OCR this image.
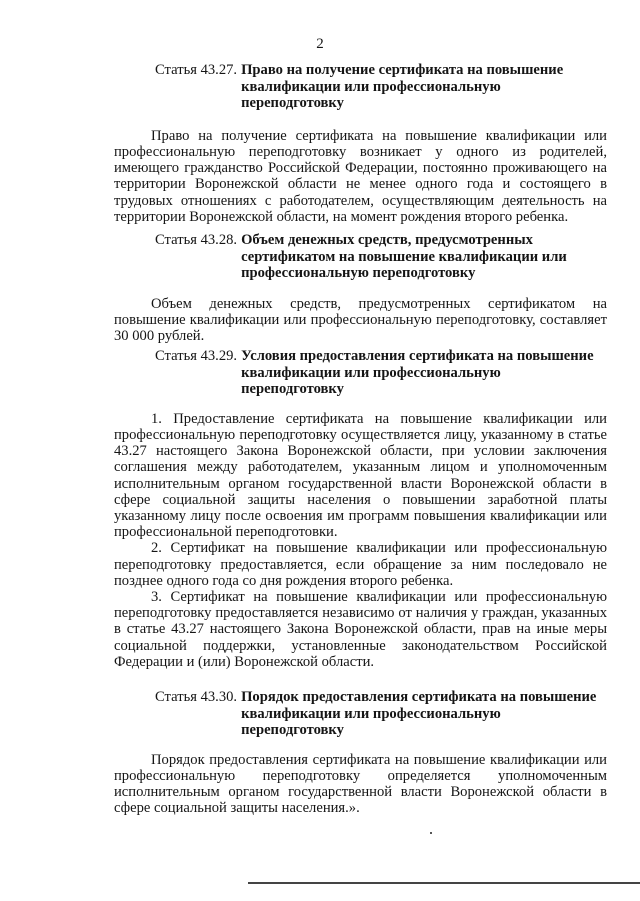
2
Статья 43.27. Право на получение сертификата на повышение квалификации или профессиональную переподготовку

Право на получение сертификата на повышение квалификации или профессиональную переподготовку возникает у одного из родителей, имеющего гражданство Российской Федерации, постоянно проживающего на территории Воронежской области не менее одного года и состоящего в трудовых отношениях с работодателем, осуществляющим деятельность на территории Воронежской области, на момент рождения второго ребенка.

Статья 43.28. Объем денежных средств, предусмотренных сертификатом на повышение квалификации или профессиональную переподготовку

Объем денежных средств, предусмотренных сертификатом на повышение квалификации или профессиональную переподготовку, составляет 30 000 рублей.

Статья 43.29. Условия предоставления сертификата на повышение квалификации или профессиональную переподготовку

1. Предоставление сертификата на повышение квалификации или профессиональную переподготовку осуществляется лицу, указанному в статье 43.27 настоящего Закона Воронежской области, при условии заключения соглашения между работодателем, указанным лицом и уполномоченным исполнительным органом государственной власти Воронежской области в сфере социальной защиты населения о повышении заработной платы указанному лицу после освоения им программ повышения квалификации или профессиональной переподготовки.

2. Сертификат на повышение квалификации или профессиональную переподготовку предоставляется, если обращение за ним последовало не позднее одного года со дня рождения второго ребенка.

3. Сертификат на повышение квалификации или профессиональную переподготовку предоставляется независимо от наличия у граждан, указанных в статье 43.27 настоящего Закона Воронежской области, прав на иные меры социальной поддержки, установленные законодательством Российской Федерации и (или) Воронежской области.

Статья 43.30. Порядок предоставления сертификата на повышение квалификации или профессиональную переподготовку

Порядок предоставления сертификата на повышение квалификации или профессиональную переподготовку определяется уполномоченным исполнительным органом государственной власти Воронежской области в сфере социальной защиты населения.».
